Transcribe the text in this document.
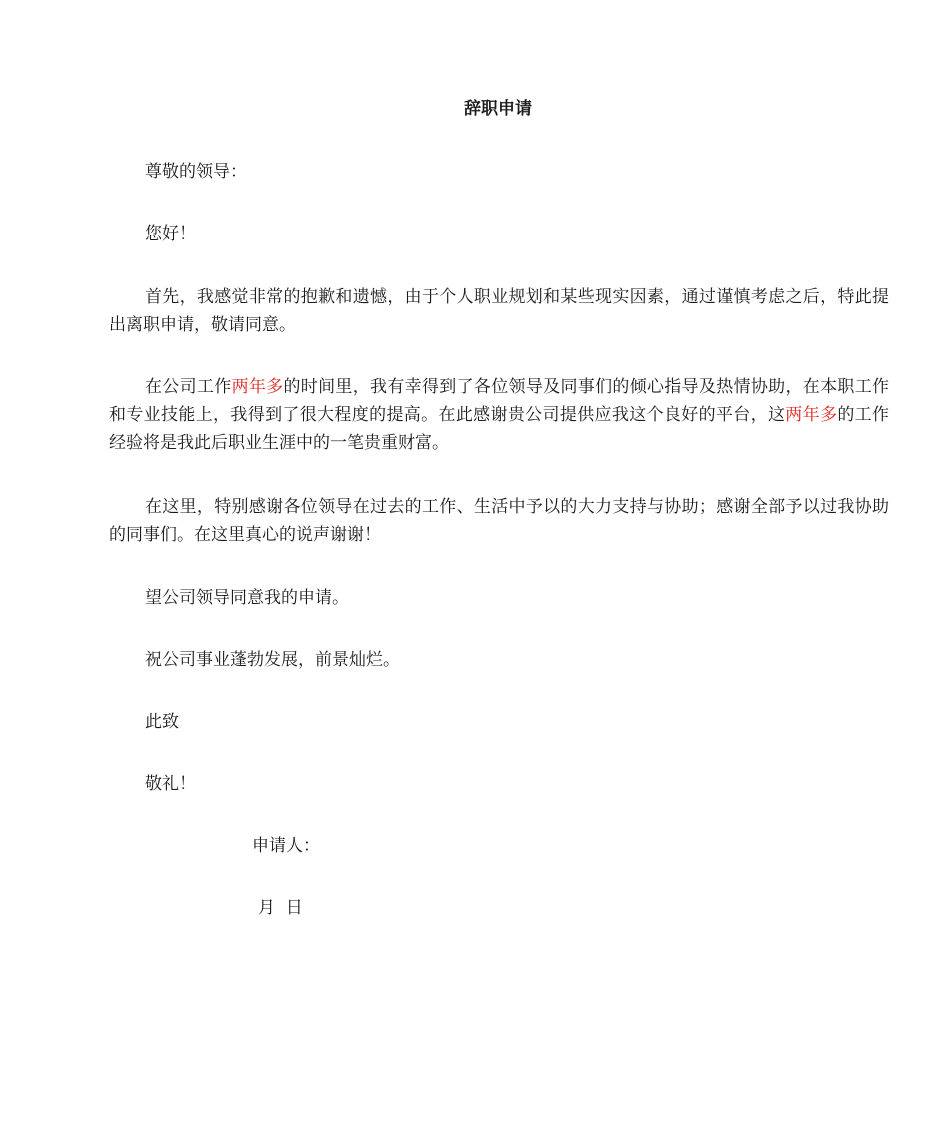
辞职申请

尊敬的领导：

您好！

首先，我感觉非常的抱歉和遗憾，由于个人职业规划和某些现实因素，通过谨慎考虑之后，特此提出离职申请，敬请同意。

在公司工作两年多的时间里，我有幸得到了各位领导及同事们的倾心指导及热情协助，在本职工作和专业技能上，我得到了很大程度的提高。在此感谢贵公司提供应我这个良好的平台，这两年多的工作经验将是我此后职业生涯中的一笔贵重财富。

在这里，特别感谢各位领导在过去的工作、生活中予以的大力支持与协助；感谢全部予以过我协助的同事们。在这里真心的说声谢谢！

望公司领导同意我的申请。

祝公司事业蓬勃发展，前景灿烂。

此致

敬礼！

申请人：

月  日
